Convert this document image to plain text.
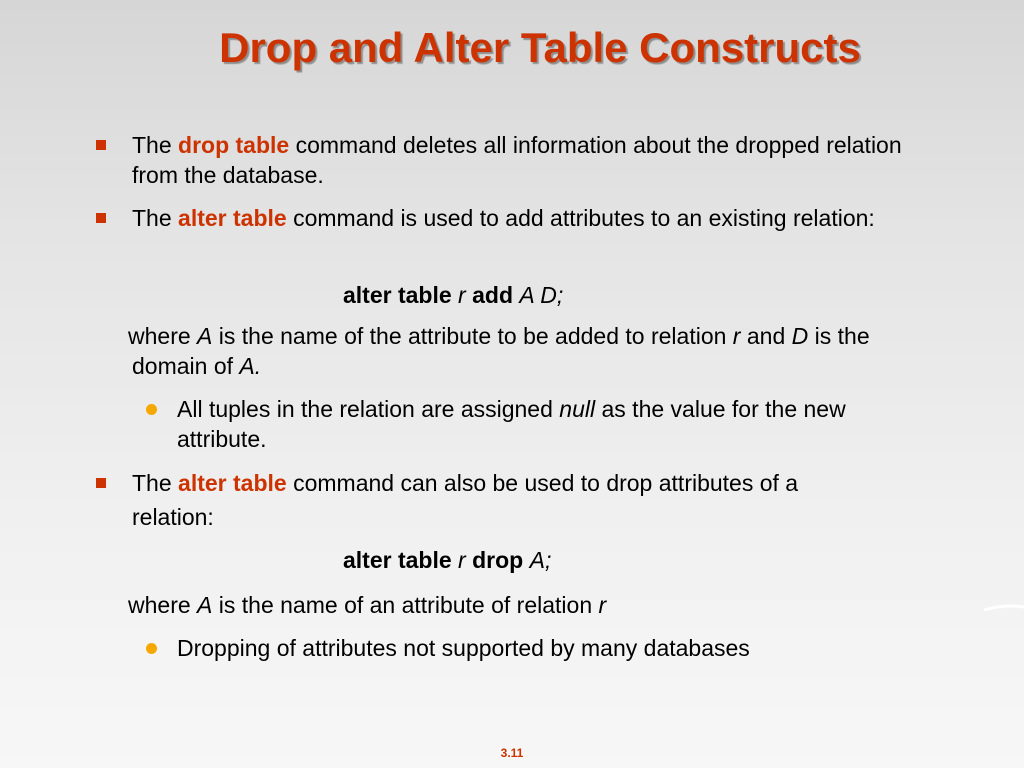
Drop and Alter Table Constructs
The drop table command deletes all information about the dropped relation from the database.
The alter table command is used to add attributes to an existing relation:
alter table r add A D;
where A is the name of the attribute to be added to relation r and D is the domain of A.
All tuples in the relation are assigned null as the value for the new attribute.
The alter table command can also be used to drop attributes of a relation:
alter table r drop A;
where A is the name of an attribute of relation r
Dropping of attributes not supported by many databases
3.11
